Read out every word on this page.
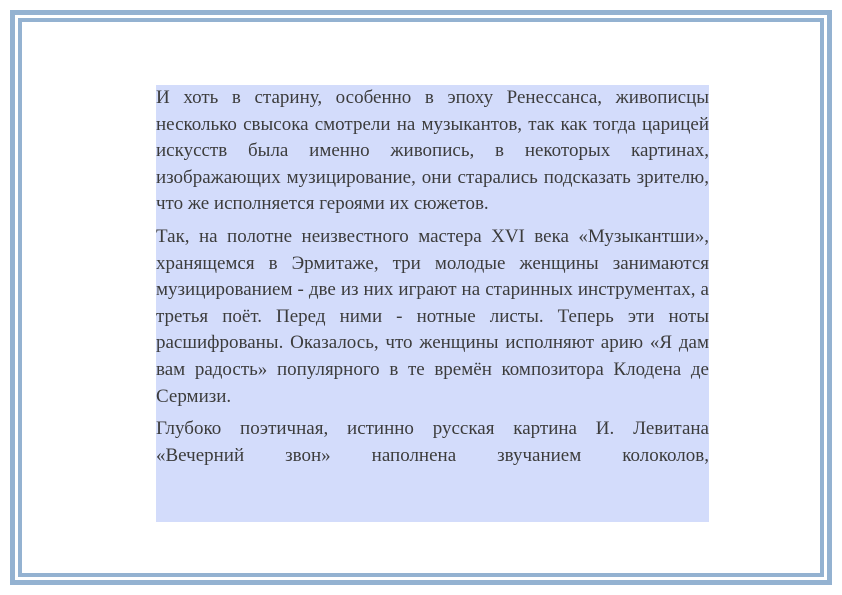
И хоть в старину, особенно в эпоху Ренессанса, живописцы несколько свысока смотрели на музыкантов, так как тогда царицей искусств была именно живопись, в некоторых картинах, изображающих музицирование, они старались подсказать зрителю, что же исполняется героями их сюжетов.

Так, на полотне неизвестного мастера XVI века «Музыкантши», хранящемся в Эрмитаже, три молодые женщины занимаются музицированием - две из них играют на старинных инструментах, а третья поёт. Перед ними - нотные листы. Теперь эти ноты расшифрованы. Оказалось, что женщины исполняют арию «Я дам вам радость» популярного в те времён композитора Клодена де Сермизи.

Глубоко поэтичная, истинно русская картина И. Левитана «Вечерний звон» наполнена звучанием колоколов,
